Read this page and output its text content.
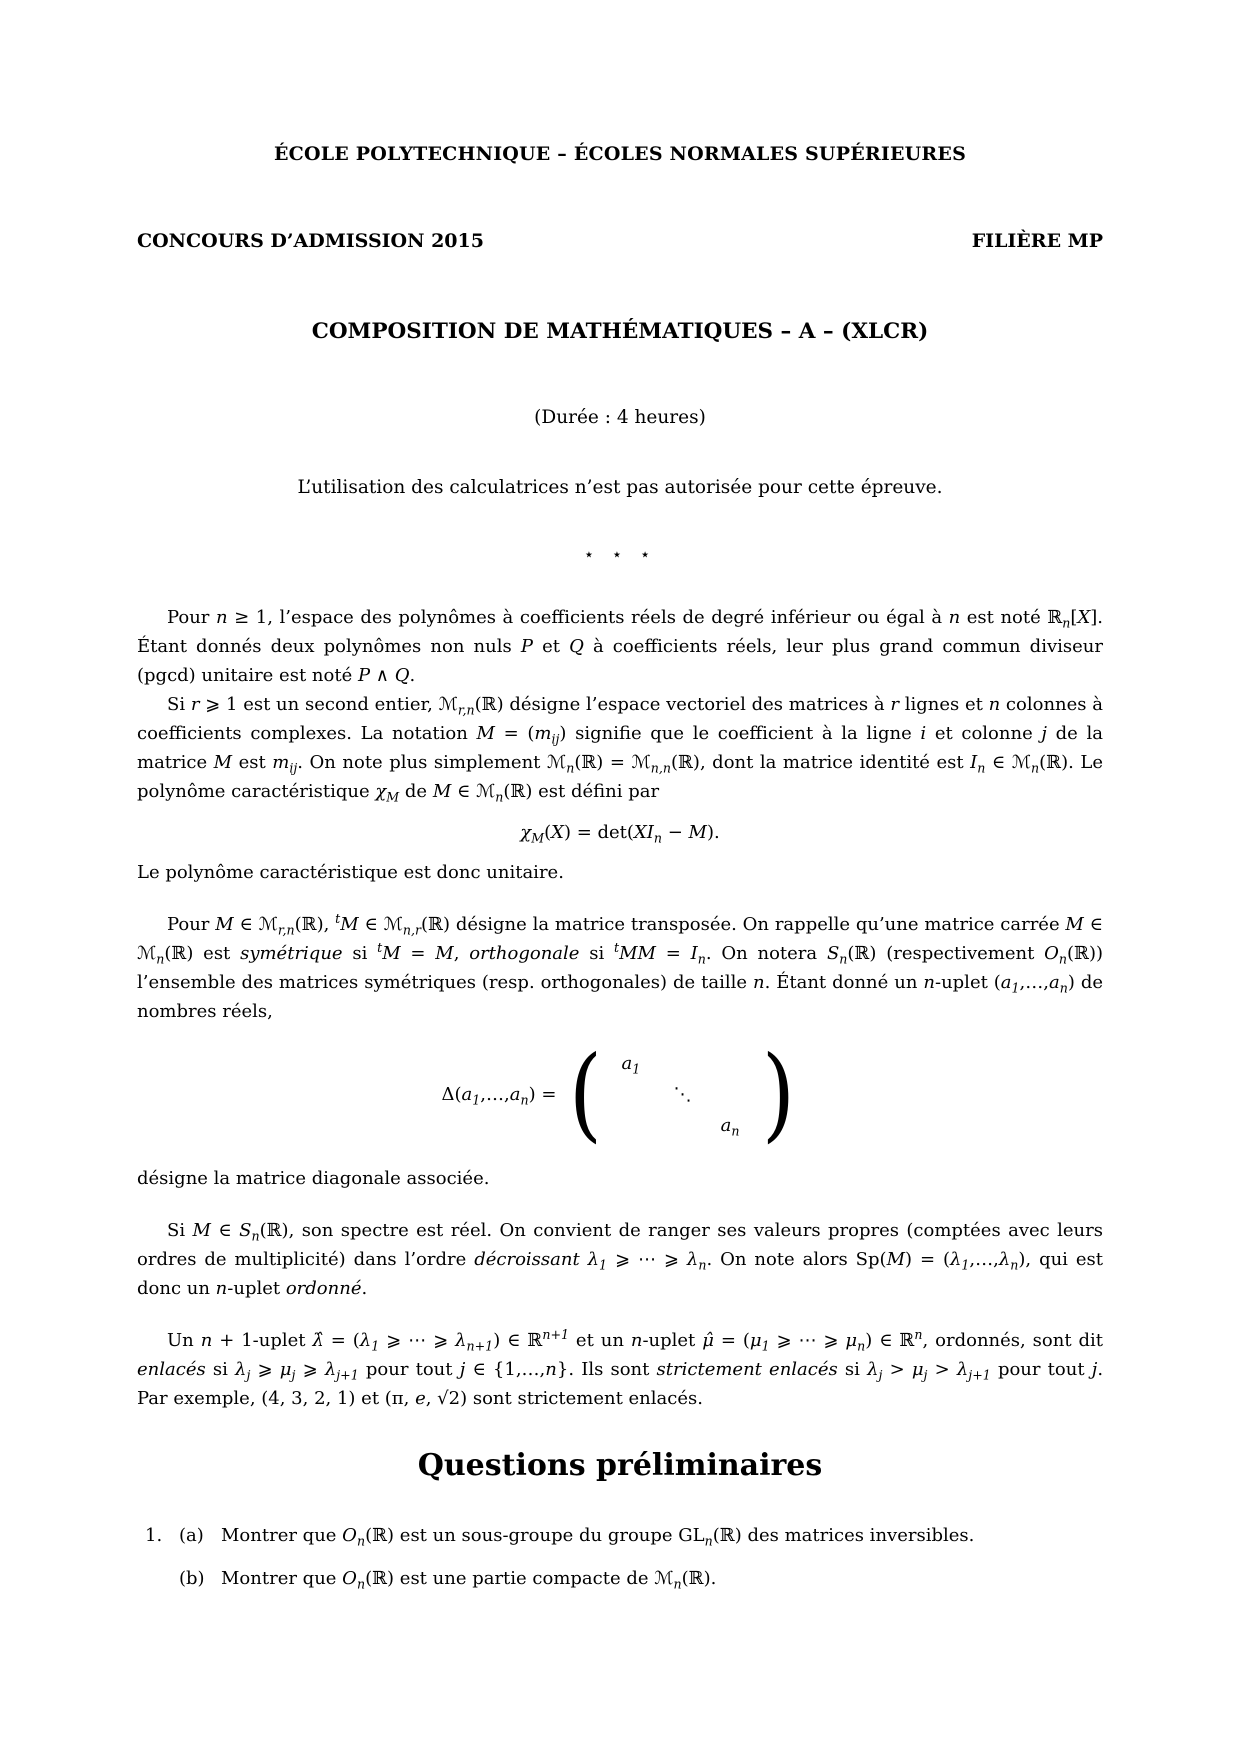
ÉCOLE POLYTECHNIQUE – ÉCOLES NORMALES SUPÉRIEURES
CONCOURS D’ADMISSION 2015	FILIÈRE MP
COMPOSITION DE MATHÉMATIQUES – A – (XLCR)
(Durée : 4 heures)
L’utilisation des calculatrices n’est pas autorisée pour cette épreuve.
⋆ ⋆ ⋆

Pour n ≥ 1, l’espace des polynômes à coefficients réels de degré inférieur ou égal à n est noté ℝ$_n$[X]. Étant donnés deux polynômes non nuls P et Q à coefficients réels, leur plus grand commun diviseur (pgcd) unitaire est noté P ∧ Q.

Si r ⩾ 1 est un second entier, ℳ$_{r,n}$(ℝ) désigne l’espace vectoriel des matrices à r lignes et n colonnes à coefficients complexes. La notation $M = (m_{ij})$ signifie que le coefficient à la ligne i et colonne j de la matrice M est $m_{ij}$. On note plus simplement ℳ$_n$(ℝ) = ℳ$_{n,n}$(ℝ), dont la matrice identité est $I_n$ ∈ ℳ$_n$(ℝ). Le polynôme caractéristique $\chi_M$ de M ∈ ℳ$_n$(ℝ) est défini par

$\chi_M(X) = \det(XI_n - M)$.

Le polynôme caractéristique est donc unitaire.

Pour M ∈ ℳ$_{r,n}$(ℝ), $^t$M ∈ ℳ$_{n,r}$(ℝ) désigne la matrice transposée. On rappelle qu’une matrice carrée M ∈ ℳ$_n$(ℝ) est symétrique si $^t$M = M, orthogonale si $^tMM = I_n$. On notera $S_n(ℝ)$ (respectivement $O_n(ℝ)$) l’ensemble des matrices symétriques (resp. orthogonales) de taille n. Étant donné un n-uplet $(a_1,\dots,a_n)$ de nombres réels,

$\Delta(a_1,\dots,a_n)$ = (	$a_1$
⋱
$a_n$ )

désigne la matrice diagonale associée.

Si M ∈ $S_n(ℝ)$, son spectre est réel. On convient de ranger ses valeurs propres (comptées avec leurs ordres de multiplicité) dans l’ordre décroissant $\lambda_1$ ⩾ ⋯ ⩾ $\lambda_n$. On note alors $Sp(M) = (\lambda_1,\dots,\lambda_n)$, qui est donc un n-uplet ordonné.

Un n + 1-uplet λ̂ = ($\lambda_1$ ⩾ ⋯ ⩾ $\lambda_{n+1}$) ∈ ℝ$^{n+1}$ et un n-uplet μ̂ = ($\mu_1$ ⩾ ⋯ ⩾ $\mu_n$) ∈ ℝ$^n$, ordonnés, sont dit enlacés si $\lambda_j$ ⩾ $\mu_j$ ⩾ $\lambda_{j+1}$ pour tout j ∈ {1,…,n}. Ils sont strictement enlacés si $\lambda_j > \mu_j > \lambda_{j+1}$ pour tout j. Par exemple, (4, 3, 2, 1) et (π, e, √2) sont strictement enlacés.

Questions préliminaires
1. (a) Montrer que $O_n(ℝ)$ est un sous-groupe du groupe $GL_n(ℝ)$ des matrices inversibles.
(b) Montrer que $O_n(ℝ)$ est une partie compacte de ℳ$_n$(ℝ).
